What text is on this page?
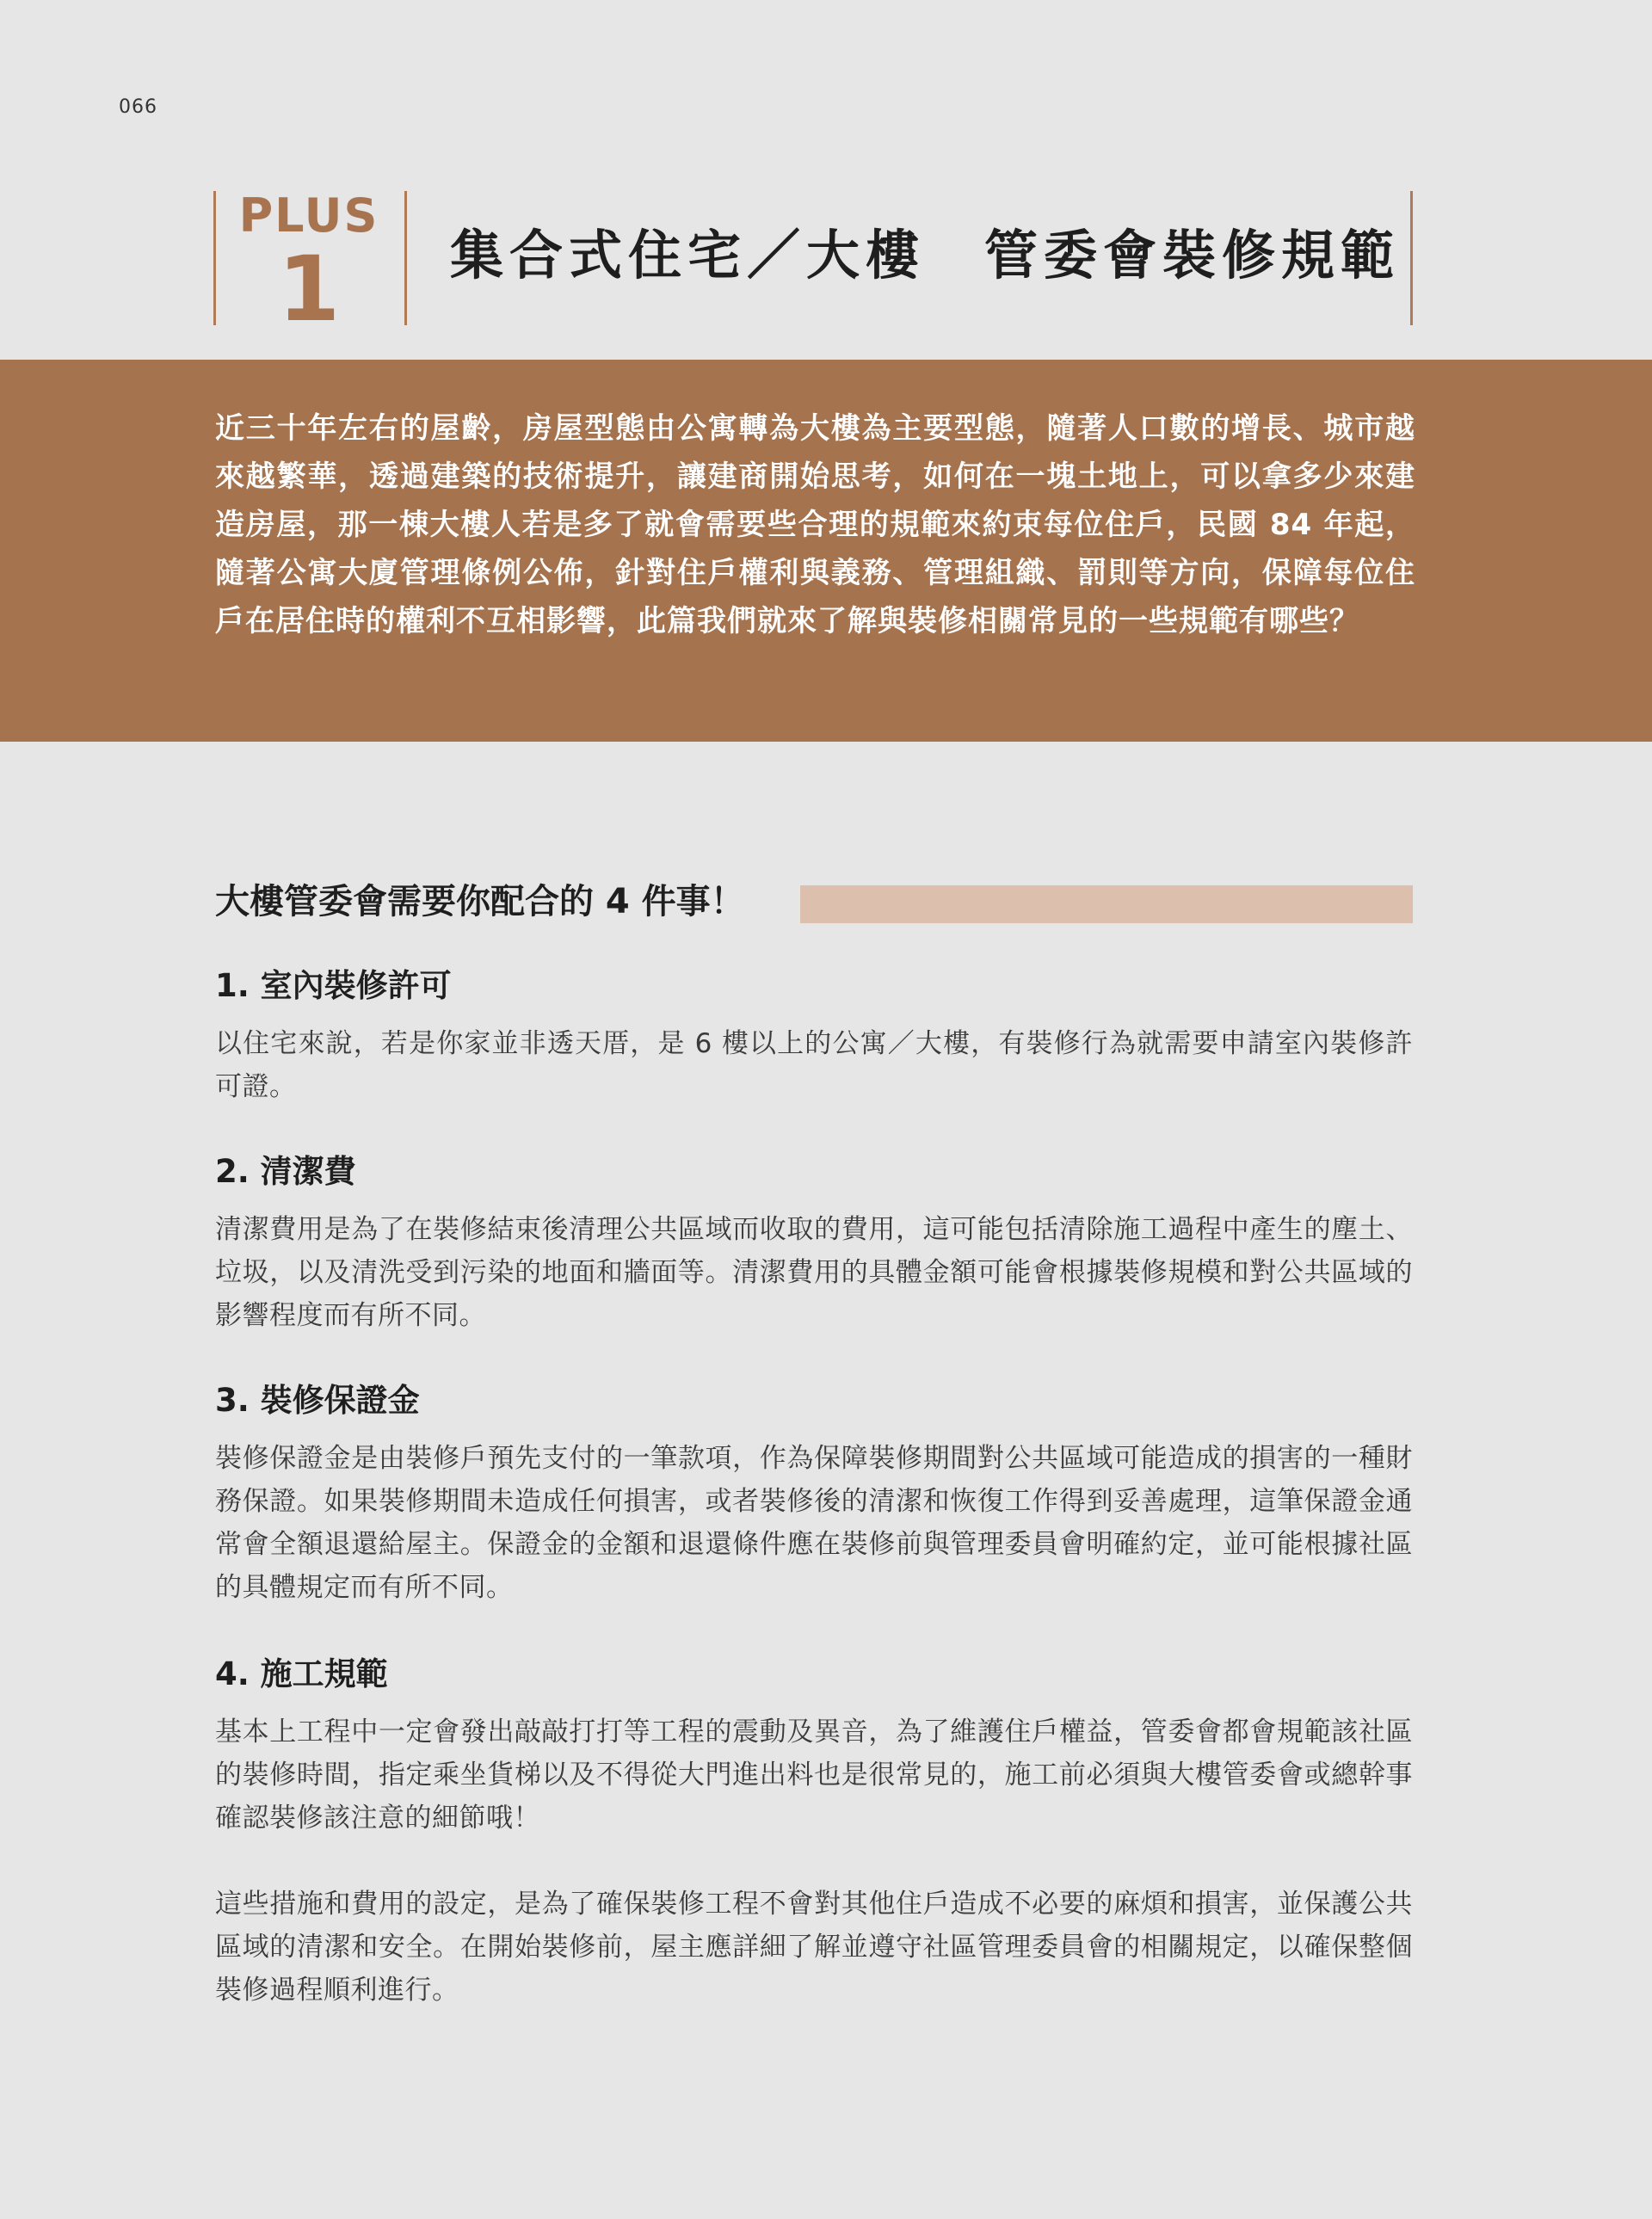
066
PLUS
1	集合式住宅／大樓　管委會裝修規範
近三十年左右的屋齡，房屋型態由公寓轉為大樓為主要型態，隨著人口數的增長、城市越來越繁華，透過建築的技術提升，讓建商開始思考，如何在一塊土地上，可以拿多少來建造房屋，那一棟大樓人若是多了就會需要些合理的規範來約束每位住戶，民國 84 年起，隨著公寓大廈管理條例公佈，針對住戶權利與義務、管理組織、罰則等方向，保障每位住戶在居住時的權利不互相影響，此篇我們就來了解與裝修相關常見的一些規範有哪些？
大樓管委會需要你配合的 4 件事！
1. 室內裝修許可
以住宅來說，若是你家並非透天厝，是 6 樓以上的公寓／大樓，有裝修行為就需要申請室內裝修許可證。
2. 清潔費
清潔費用是為了在裝修結束後清理公共區域而收取的費用，這可能包括清除施工過程中產生的塵土、垃圾，以及清洗受到污染的地面和牆面等。清潔費用的具體金額可能會根據裝修規模和對公共區域的影響程度而有所不同。
3. 裝修保證金
裝修保證金是由裝修戶預先支付的一筆款項，作為保障裝修期間對公共區域可能造成的損害的一種財務保證。如果裝修期間未造成任何損害，或者裝修後的清潔和恢復工作得到妥善處理，這筆保證金通常會全額退還給屋主。保證金的金額和退還條件應在裝修前與管理委員會明確約定，並可能根據社區的具體規定而有所不同。
4. 施工規範
基本上工程中一定會發出敲敲打打等工程的震動及異音，為了維護住戶權益，管委會都會規範該社區的裝修時間，指定乘坐貨梯以及不得從大門進出料也是很常見的，施工前必須與大樓管委會或總幹事確認裝修該注意的細節哦！
這些措施和費用的設定，是為了確保裝修工程不會對其他住戶造成不必要的麻煩和損害，並保護公共區域的清潔和安全。在開始裝修前，屋主應詳細了解並遵守社區管理委員會的相關規定，以確保整個裝修過程順利進行。
